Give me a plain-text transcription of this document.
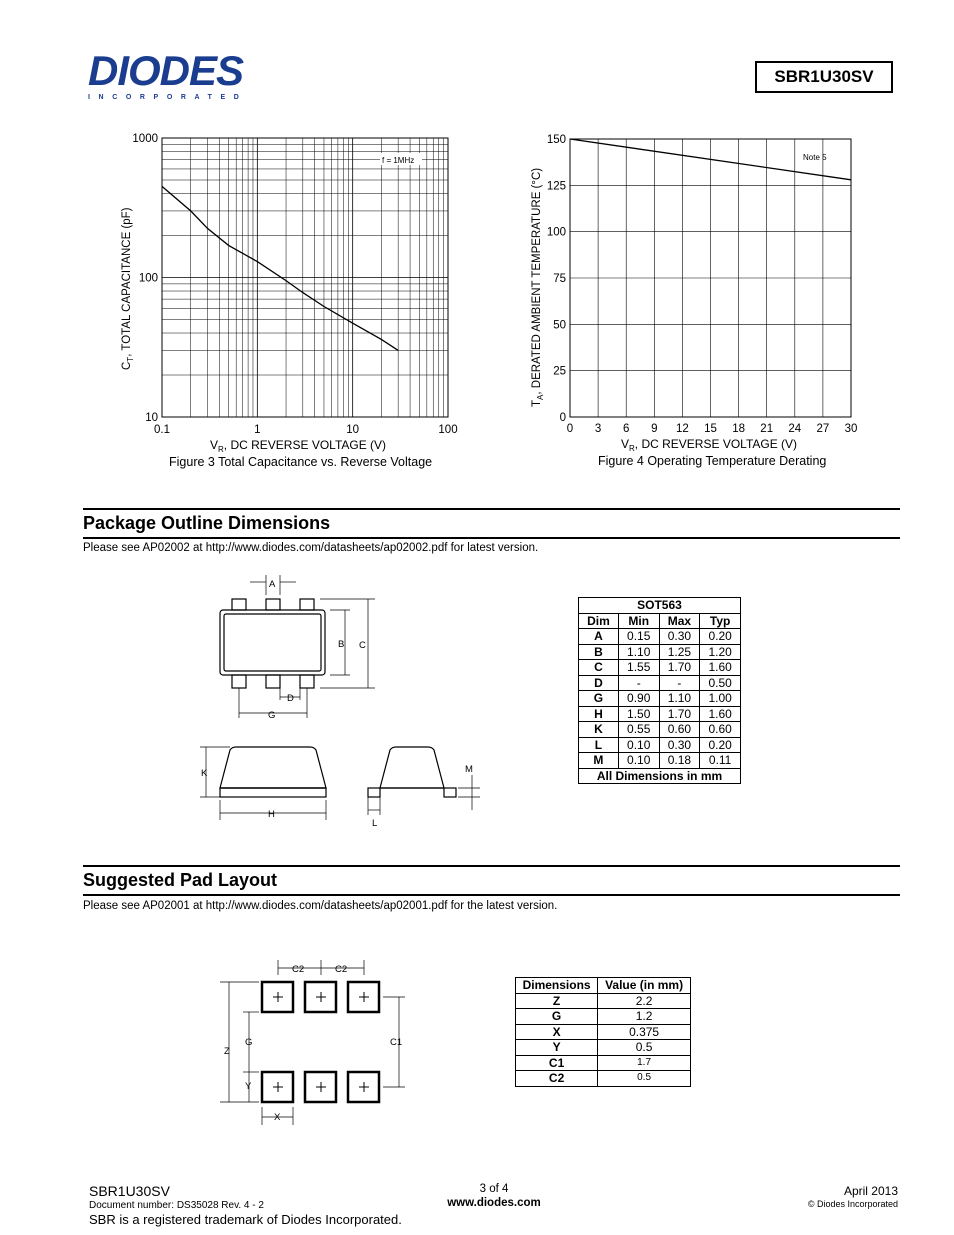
DIODES
INCORPORATED
SBR1U30SV
0.1	1	10	100
10
100
1000
f = 1MHz
$C_T$, TOTAL CAPACITANCE (pF)
$V_R$, DC REVERSE VOLTAGE (V)
Figure 3 Total Capacitance vs. Reverse Voltage
0 3 6 9 12 15 18 21 24 27 30
0
25
50
75
100
125
150
Note 5
$T_A$, DERATED AMBIENT TEMPERATURE (°C)
$V_R$, DC REVERSE VOLTAGE (V)
Figure 4 Operating Temperature Derating
Package Outline Dimensions
Please see AP02002 at http://www.diodes.com/datasheets/ap02002.pdf for latest version.
A
B C
D
G
K
H
M
L
SOT563			
Dim	Min	Max	Typ
A	0.15	0.30	0.20
B	1.10	1.25	1.20
C	1.55	1.70	1.60
D	-	-	0.50
G	0.90	1.10	1.00
H	1.50	1.70	1.60
K	0.55	0.60	0.60
L	0.10	0.30	0.20
M	0.10	0.18	0.11
All Dimensions in mm			
Suggested Pad Layout
Please see AP02001 at http://www.diodes.com/datasheets/ap02001.pdf for the latest version.
C2	C2
Z
G	C1
Y
X
Dimensions	Value (in mm)
Z	2.2
G	1.2
X	0.375
Y	0.5
C1	1.7
C2	0.5
SBR1U30SV
Document number: DS35028 Rev. 4 - 2
SBR is a registered trademark of Diodes Incorporated.
3 of 4
www.diodes.com
April 2013
© Diodes Incorporated
